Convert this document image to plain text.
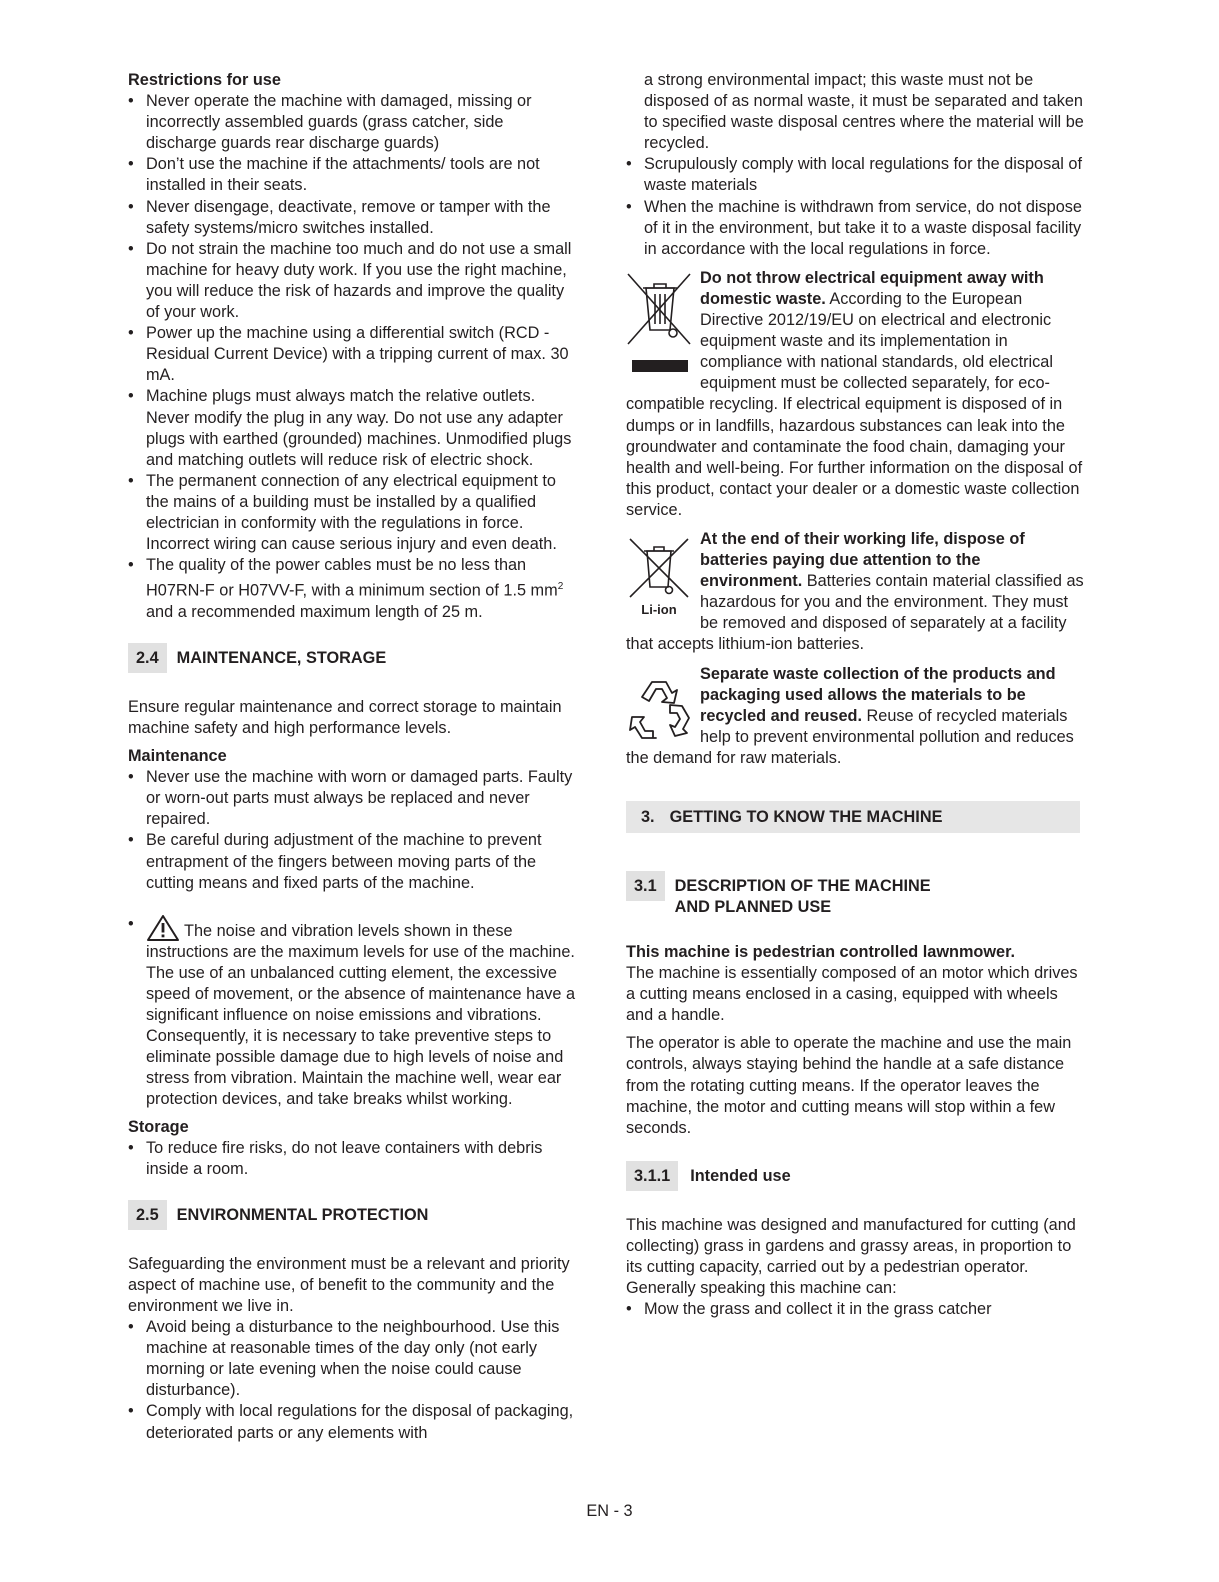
Restrictions for use

• Never operate the machine with damaged, missing or incorrectly assembled guards (grass catcher, side discharge guards rear discharge guards)
• Don’t use the machine if the attachments/ tools are not installed in their seats.
• Never disengage, deactivate, remove or tamper with the safety systems/micro switches installed.
• Do not strain the machine too much and do not use a small machine for heavy duty work. If you use the right machine, you will reduce the risk of hazards and improve the quality of your work.
• Power up the machine using a differential switch (RCD - Residual Current Device) with a tripping current of max. 30 mA.
• Machine plugs must always match the relative outlets. Never modify the plug in any way. Do not use any adapter plugs with earthed (grounded) machines. Unmodified plugs and matching outlets will reduce risk of electric shock.
• The permanent connection of any electrical equipment to the mains of a building must be installed by a qualified electrician in conformity with the regulations in force. Incorrect wiring can cause serious injury and even death.
• The quality of the power cables must be no less than H07RN-F or H07VV-F, with a minimum section of 1.5 $mm^2$ and a recommended maximum length of 25 m.
2.4	MAINTENANCE, STORAGE

Ensure regular maintenance and correct storage to maintain machine safety and high performance levels.

Maintenance

• Never use the machine with worn or damaged parts. Faulty or worn-out parts must always be replaced and never repaired.
• Be careful during adjustment of the machine to prevent entrapment of the fingers between moving parts of the cutting means and fixed parts of the machine.
• The noise and vibration levels shown in these instructions are the maximum levels for use of the machine. The use of an unbalanced cutting element, the excessive speed of movement, or the absence of maintenance have a significant influence on noise emissions and vibrations. Consequently, it is necessary to take preventive steps to eliminate possible damage due to high levels of noise and stress from vibration. Maintain the machine well, wear ear protection devices, and take breaks whilst working.

Storage

• To reduce fire risks, do not leave containers with debris inside a room.
2.5	ENVIRONMENTAL PROTECTION

Safeguarding the environment must be a relevant and priority aspect of machine use, of benefit to the community and the environment we live in.

• Avoid being a disturbance to the neighbourhood. Use this machine at reasonable times of the day only (not early morning or late evening when the noise could cause disturbance).
• Comply with local regulations for the disposal of packaging, deteriorated parts or any elements with

a strong environmental impact; this waste must not be disposed of as normal waste, it must be separated and taken to specified waste disposal centres where the material will be recycled.

• Scrupulously comply with local regulations for the disposal of waste materials
• When the machine is withdrawn from service, do not dispose of it in the environment, but take it to a waste disposal facility in accordance with the local regulations in force.

Do not throw electrical equipment away with domestic waste. According to the European Directive 2012/19/EU on electrical and electronic equipment waste and its implementation in compliance with national standards, old electrical equipment must be collected separately, for eco-compatible recycling. If electrical equipment is disposed of in dumps or in landfills, hazardous substances can leak into the groundwater and contaminate the food chain, damaging your health and well-being. For further information on the disposal of this product, contact your dealer or a domestic waste collection service.

Li-ion

At the end of their working life, dispose of batteries paying due attention to the environment. Batteries contain material classified as hazardous for you and the environment. They must be removed and disposed of separately at a facility that accepts lithium-ion batteries.

Separate waste collection of the products and packaging used allows the materials to be recycled and reused. Reuse of recycled materials help to prevent environmental pollution and reduces the demand for raw materials.

3. GETTING TO KNOW THE MACHINE
3.1	DESCRIPTION OF THE MACHINE
AND PLANNED USE

This machine is pedestrian controlled lawnmower.
The machine is essentially composed of an motor which drives a cutting means enclosed in a casing, equipped with wheels and a handle.

The operator is able to operate the machine and use the main controls, always staying behind the handle at a safe distance from the rotating cutting means. If the operator leaves the machine, the motor and cutting means will stop within a few seconds.

3.1.1	Intended use

This machine was designed and manufactured for cutting (and collecting) grass in gardens and grassy areas, in proportion to its cutting capacity, carried out by a pedestrian operator.

Generally speaking this machine can:

• Mow the grass and collect it in the grass catcher
EN - 3
